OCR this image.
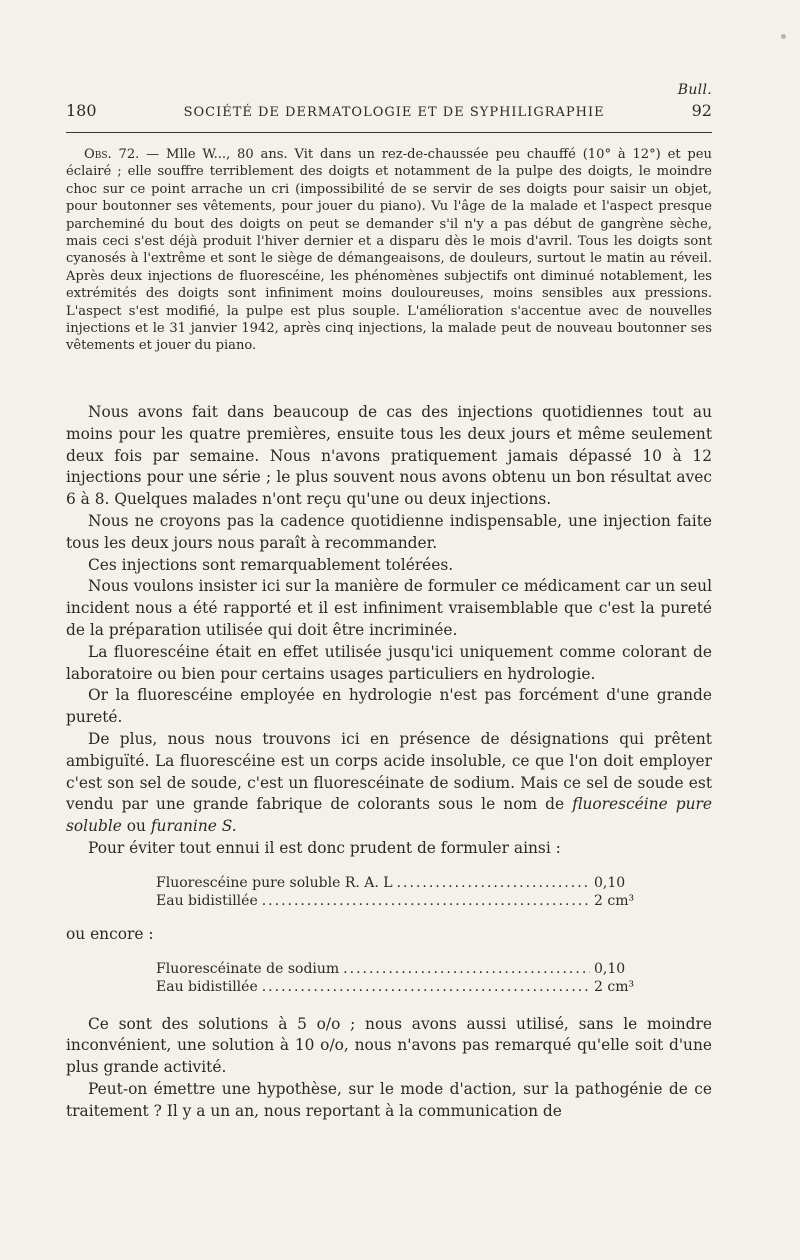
Bull.
180	SOCIÉTÉ DE DERMATOLOGIE ET DE SYPHILIGRAPHIE	92

Obs. 72. — Mlle W..., 80 ans. Vit dans un rez-de-chaussée peu chauffé (10° à 12°) et peu éclairé ; elle souffre terriblement des doigts et notamment de la pulpe des doigts, le moindre choc sur ce point arrache un cri (impossibilité de se servir de ses doigts pour saisir un objet, pour boutonner ses vêtements, pour jouer du piano). Vu l'âge de la malade et l'aspect presque parcheminé du bout des doigts on peut se demander s'il n'y a pas début de gangrène sèche, mais ceci s'est déjà produit l'hiver dernier et a disparu dès le mois d'avril. Tous les doigts sont cyanosés à l'extrême et sont le siège de démangeaisons, de douleurs, surtout le matin au réveil. Après deux injections de fluorescéine, les phénomènes subjectifs ont diminué notablement, les extrémités des doigts sont infiniment moins douloureuses, moins sensibles aux pressions. L'aspect s'est modifié, la pulpe est plus souple. L'amélioration s'accentue avec de nouvelles injections et le 31 janvier 1942, après cinq injections, la malade peut de nouveau boutonner ses vêtements et jouer du piano.

Nous avons fait dans beaucoup de cas des injections quotidiennes tout au moins pour les quatre premières, ensuite tous les deux jours et même seulement deux fois par semaine. Nous n'avons pratiquement jamais dépassé 10 à 12 injections pour une série ; le plus souvent nous avons obtenu un bon résultat avec 6 à 8. Quelques malades n'ont reçu qu'une ou deux injections.

Nous ne croyons pas la cadence quotidienne indispensable, une injection faite tous les deux jours nous paraît à recommander.

Ces injections sont remarquablement tolérées.

Nous voulons insister ici sur la manière de formuler ce médicament car un seul incident nous a été rapporté et il est infiniment vraisemblable que c'est la pureté de la préparation utilisée qui doit être incriminée.

La fluorescéine était en effet utilisée jusqu'ici uniquement comme colorant de laboratoire ou bien pour certains usages particuliers en hydrologie.

Or la fluorescéine employée en hydrologie n'est pas forcément d'une grande pureté.

De plus, nous nous trouvons ici en présence de désignations qui prêtent ambiguïté. La fluorescéine est un corps acide insoluble, ce que l'on doit employer c'est son sel de soude, c'est un fluorescéinate de sodium. Mais ce sel de soude est vendu par une grande fabrique de colorants sous le nom de fluorescéine pure soluble ou furanine S.

Pour éviter tout ennui il est donc prudent de formuler ainsi :

Fluorescéine pure soluble R. A. L .....	0,10
Eau bidistillée .....	2 cm³

ou encore :

Fluorescéinate de sodium .....	0,10
Eau bidistillée .....	2 cm³

Ce sont des solutions à 5 o/o ; nous avons aussi utilisé, sans le moindre inconvénient, une solution à 10 o/o, nous n'avons pas remarqué qu'elle soit d'une plus grande activité.

Peut-on émettre une hypothèse, sur le mode d'action, sur la pathogénie de ce traitement ? Il y a un an, nous reportant à la communication de
